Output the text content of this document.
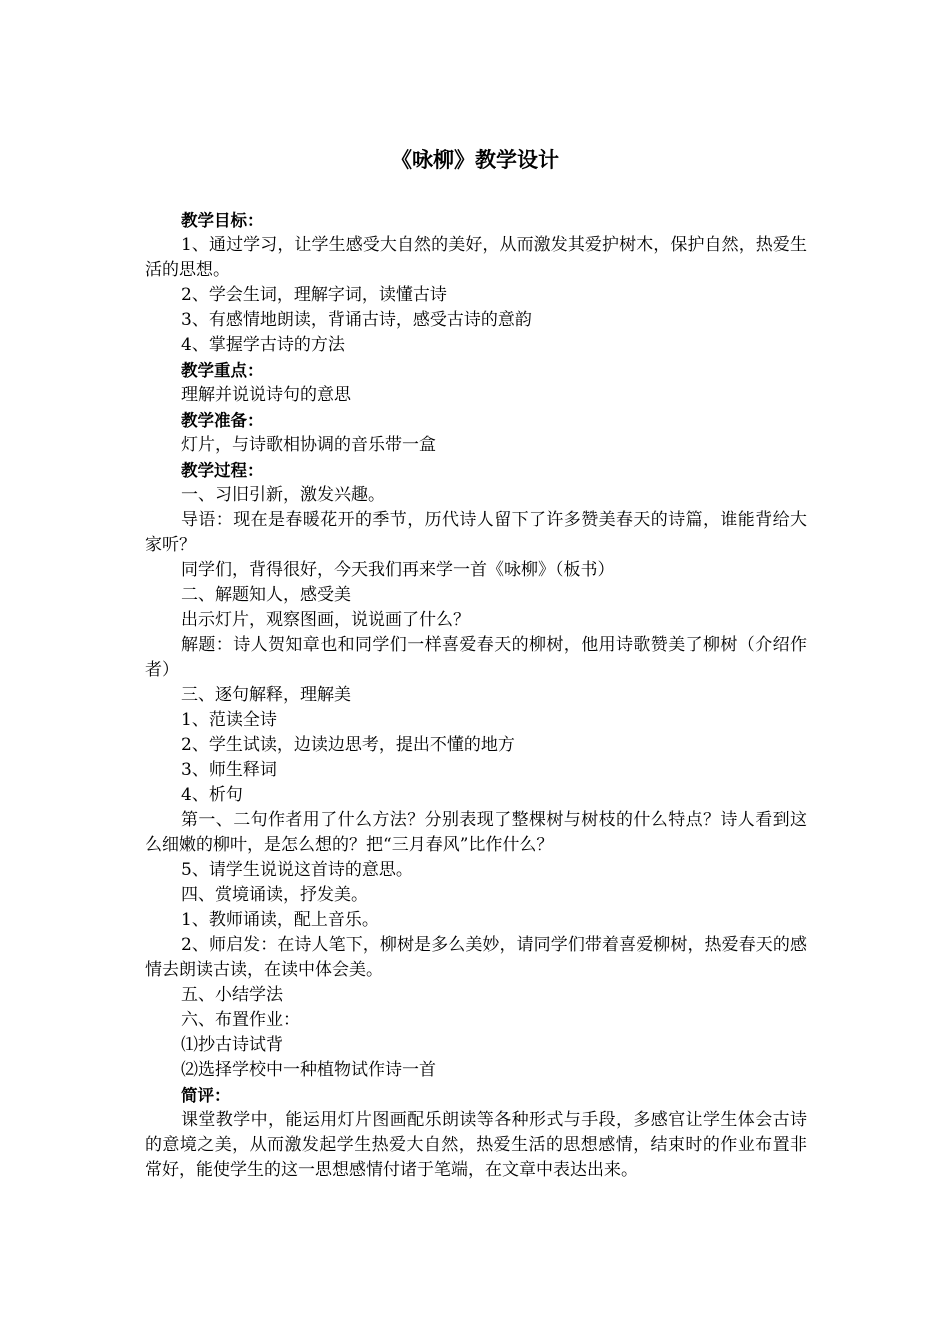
《咏柳》教学设计

教学目标：

1、通过学习，让学生感受大自然的美好，从而激发其爱护树木，保护自然，热爱生活的思想。

2、学会生词，理解字词，读懂古诗

3、有感情地朗读，背诵古诗，感受古诗的意韵

4、掌握学古诗的方法

教学重点：

理解并说说诗句的意思

教学准备：

灯片，与诗歌相协调的音乐带一盒

教学过程：

一、习旧引新，激发兴趣。

导语：现在是春暖花开的季节，历代诗人留下了许多赞美春天的诗篇，谁能背给大家听？

同学们，背得很好，今天我们再来学一首《咏柳》（板书）

二、解题知人，感受美

出示灯片，观察图画，说说画了什么？

解题：诗人贺知章也和同学们一样喜爱春天的柳树，他用诗歌赞美了柳树（介绍作者）

三、逐句解释，理解美

1、范读全诗

2、学生试读，边读边思考，提出不懂的地方

3、师生释词

4、析句

第一、二句作者用了什么方法？分别表现了整棵树与树枝的什么特点？诗人看到这么细嫩的柳叶，是怎么想的？把“三月春风”比作什么？

5、请学生说说这首诗的意思。

四、赏境诵读，抒发美。

1、教师诵读，配上音乐。

2、师启发：在诗人笔下，柳树是多么美妙，请同学们带着喜爱柳树，热爱春天的感情去朗读古读，在读中体会美。

五、小结学法

六、布置作业：

⑴抄古诗试背

⑵选择学校中一种植物试作诗一首

简评：

课堂教学中，能运用灯片图画配乐朗读等各种形式与手段，多感官让学生体会古诗的意境之美，从而激发起学生热爱大自然，热爱生活的思想感情，结束时的作业布置非常好，能使学生的这一思想感情付诸于笔端，在文章中表达出来。
